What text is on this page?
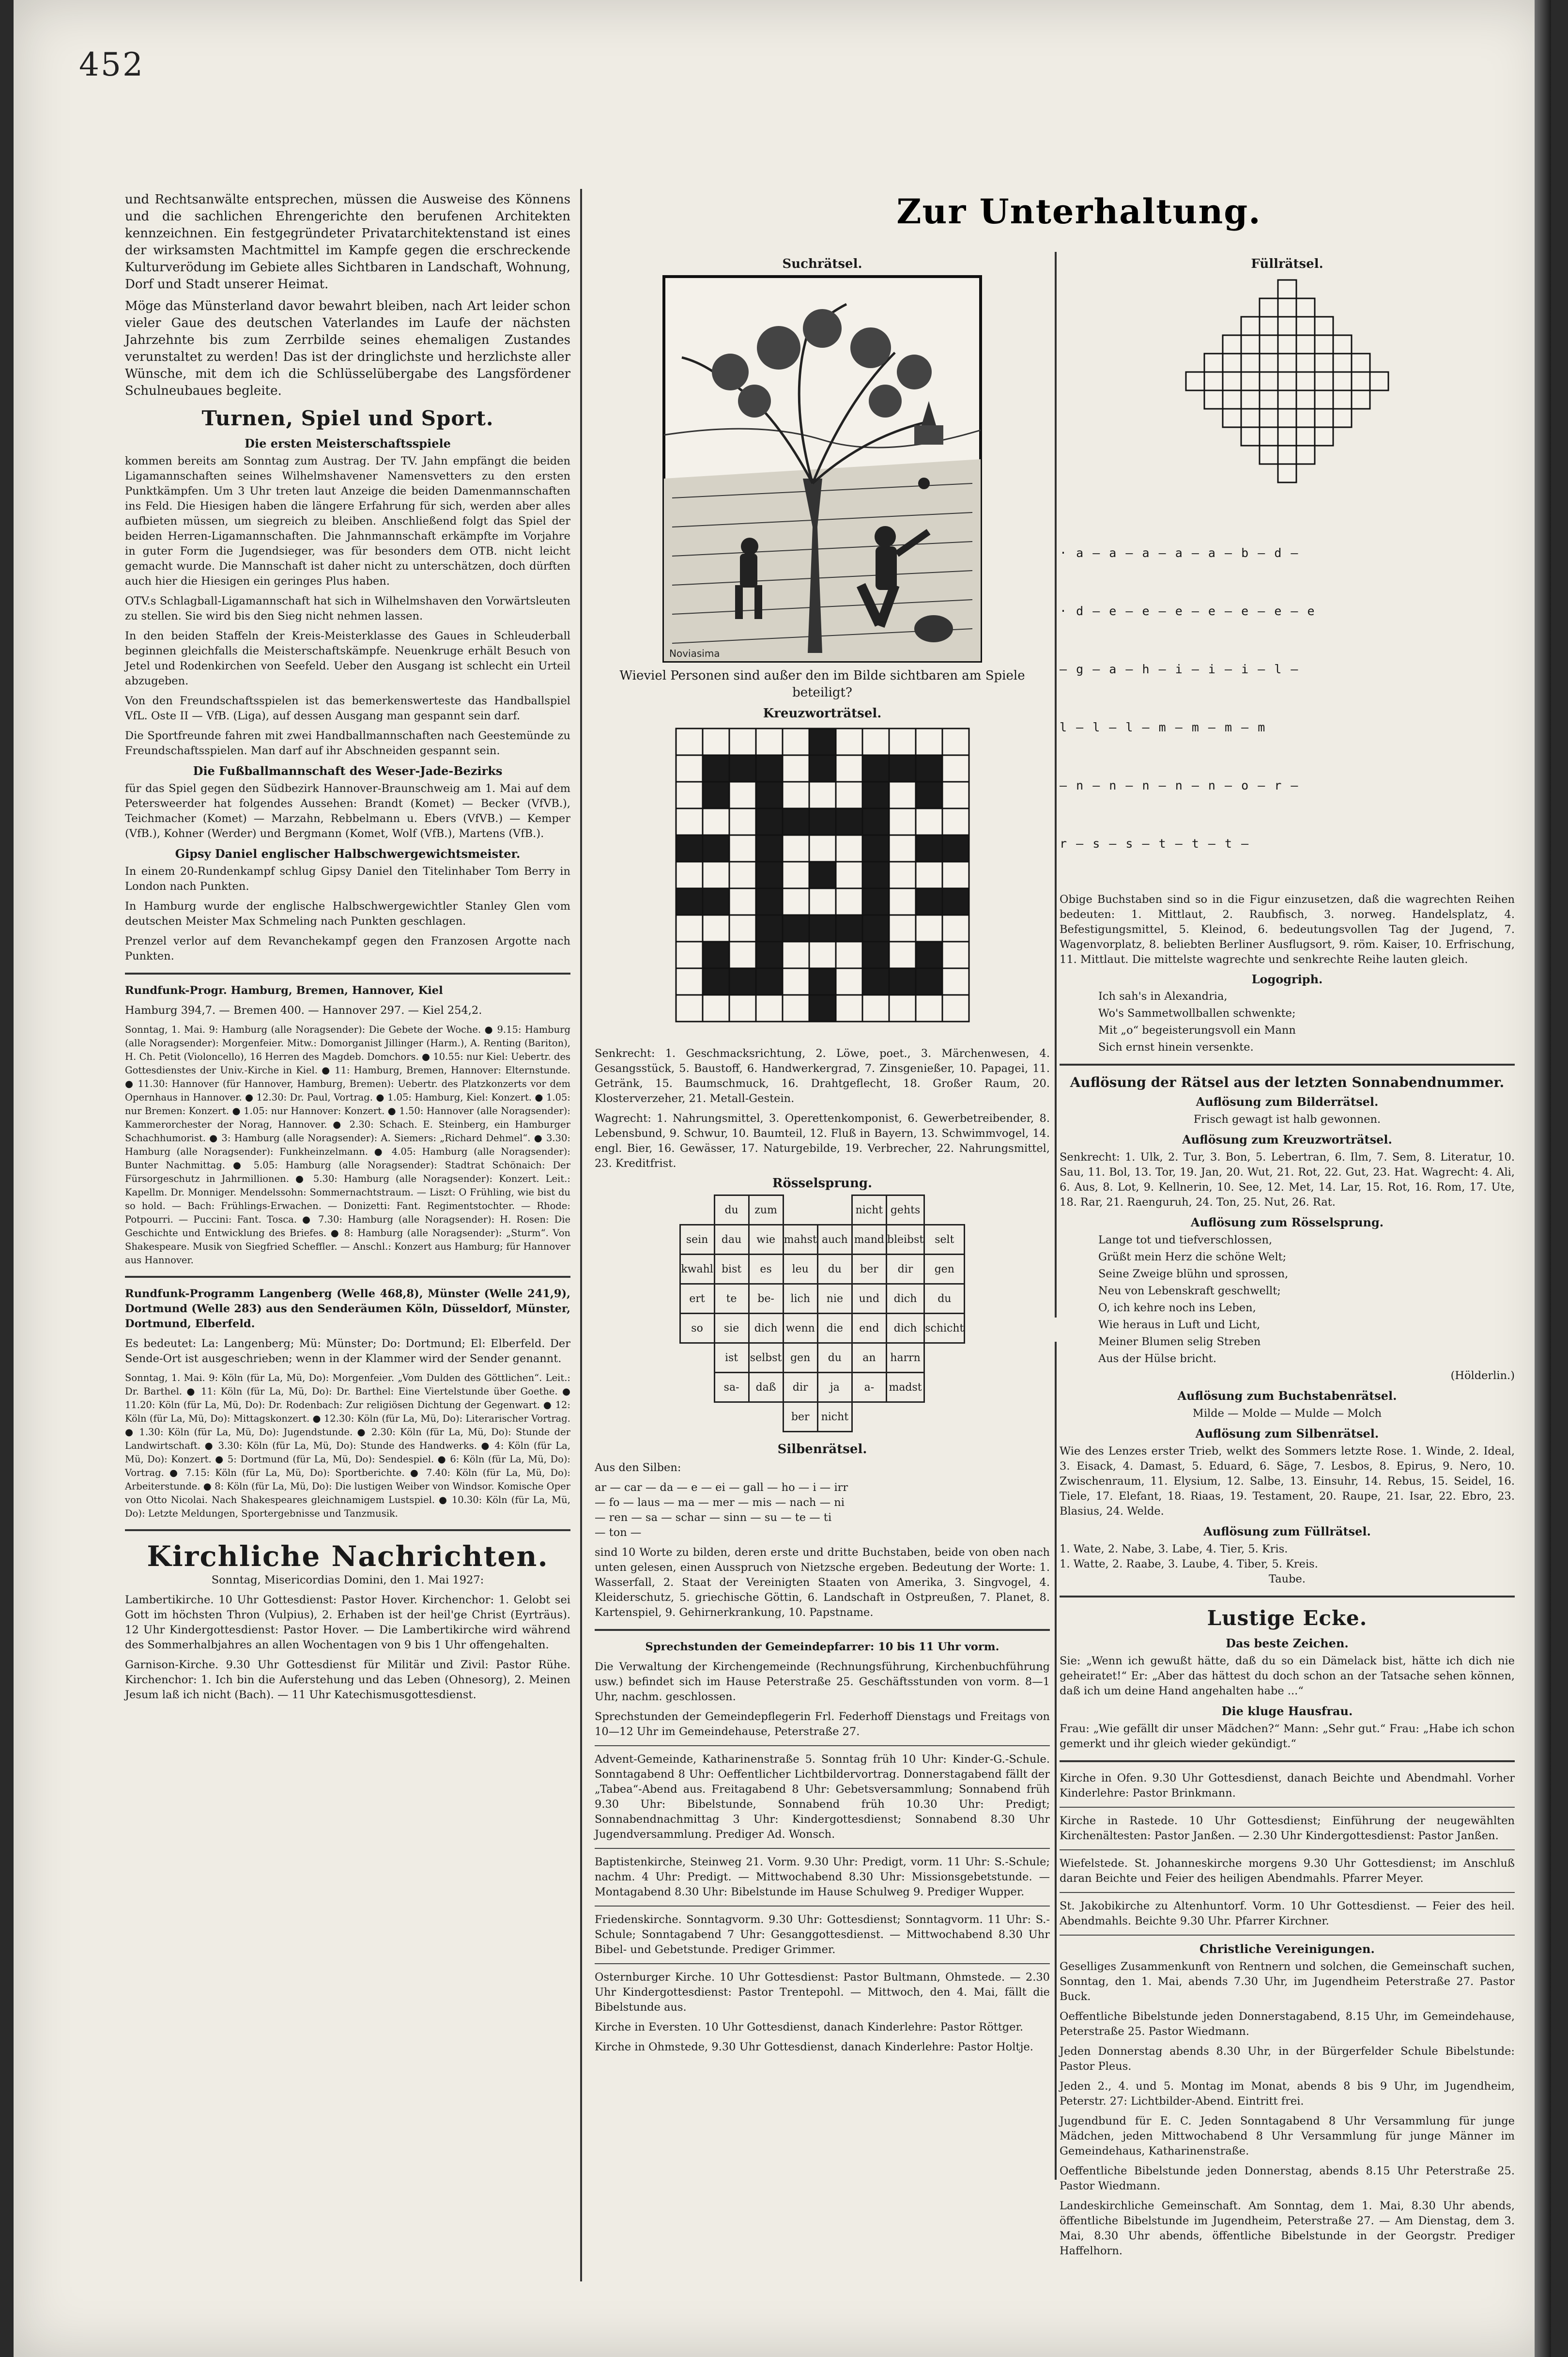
452

und Rechtsanwälte entsprechen, müssen die Ausweise des Könnens und die sachlichen Ehrengerichte den berufenen Architekten kennzeichnen. Ein festgegründeter Privatarchitektenstand ist eines der wirksamsten Machtmittel im Kampfe gegen die erschreckende Kulturverödung im Gebiete alles Sichtbaren in Landschaft, Wohnung, Dorf und Stadt unserer Heimat.

Möge das Münsterland davor bewahrt bleiben, nach Art leider schon vieler Gaue des deutschen Vaterlandes im Laufe der nächsten Jahrzehnte bis zum Zerrbilde seines ehemaligen Zustandes verunstaltet zu werden! Das ist der dringlichste und herzlichste aller Wünsche, mit dem ich die Schlüsselübergabe des Langsfördener Schulneubaues begleite.

Turnen, Spiel und Sport.
Die ersten Meisterschaftsspiele

kommen bereits am Sonntag zum Austrag. Der TV. Jahn empfängt die beiden Ligamannschaften seines Wilhelmshavener Namensvetters zu den ersten Punktkämpfen. Um 3 Uhr treten laut Anzeige die beiden Damenmannschaften ins Feld. Die Hiesigen haben die längere Erfahrung für sich, werden aber alles aufbieten müssen, um siegreich zu bleiben. Anschließend folgt das Spiel der beiden Herren-Ligamannschaften. Die Jahnmannschaft erkämpfte im Vorjahre in guter Form die Jugendsieger, was für besonders dem OTB. nicht leicht gemacht wurde. Die Mannschaft ist daher nicht zu unterschätzen, doch dürften auch hier die Hiesigen ein geringes Plus haben.

OTV.s Schlagball-Ligamannschaft hat sich in Wilhelmshaven den Vorwärtsleuten zu stellen. Sie wird bis den Sieg nicht nehmen lassen.

In den beiden Staffeln der Kreis-Meisterklasse des Gaues in Schleuderball beginnen gleichfalls die Meisterschaftskämpfe. Neuenkruge erhält Besuch von Jetel und Rodenkirchen von Seefeld. Ueber den Ausgang ist schlecht ein Urteil abzugeben.

Von den Freundschaftsspielen ist das bemerkenswerteste das Handballspiel VfL. Oste II — VfB. (Liga), auf dessen Ausgang man gespannt sein darf.

Die Sportfreunde fahren mit zwei Handballmannschaften nach Geestemünde zu Freundschaftsspielen. Man darf auf ihr Abschneiden gespannt sein.

Die Fußballmannschaft des Weser-Jade-Bezirks

für das Spiel gegen den Südbezirk Hannover-Braunschweig am 1. Mai auf dem Petersweerder hat folgendes Aussehen: Brandt (Komet) — Becker (VfVB.), Teichmacher (Komet) — Marzahn, Rebbelmann u. Ebers (VfVB.) — Kemper (VfB.), Kohner (Werder) und Bergmann (Komet, Wolf (VfB.), Martens (VfB.).

Gipsy Daniel englischer Halbschwergewichtsmeister.

In einem 20-Rundenkampf schlug Gipsy Daniel den Titelinhaber Tom Berry in London nach Punkten.

In Hamburg wurde der englische Halbschwergewichtler Stanley Glen vom deutschen Meister Max Schmeling nach Punkten geschlagen.

Prenzel verlor auf dem Revanchekampf gegen den Franzosen Argotte nach Punkten.

Rundfunk-Progr. Hamburg, Bremen, Hannover, Kiel

Hamburg 394,7. — Bremen 400. — Hannover 297. — Kiel 254,2.

Sonntag, 1. Mai. 9: Hamburg (alle Noragsender): Die Gebete der Woche. ● 9.15: Hamburg (alle Noragsender): Morgenfeier. Mitw.: Domorganist Jillinger (Harm.), A. Renting (Bariton), H. Ch. Petit (Violoncello), 16 Herren des Magdeb. Domchors. ● 10.55: nur Kiel: Uebertr. des Gottesdienstes der Univ.-Kirche in Kiel. ● 11: Hamburg, Bremen, Hannover: Elternstunde. ● 11.30: Hannover (für Hannover, Hamburg, Bremen): Uebertr. des Platzkonzerts vor dem Opernhaus in Hannover. ● 12.30: Dr. Paul, Vortrag. ● 1.05: Hamburg, Kiel: Konzert. ● 1.05: nur Bremen: Konzert. ● 1.05: nur Hannover: Konzert. ● 1.50: Hannover (alle Noragsender): Kammerorchester der Norag, Hannover. ● 2.30: Schach. E. Steinberg, ein Hamburger Schachhumorist. ● 3: Hamburg (alle Noragsender): A. Siemers: „Richard Dehmel“. ● 3.30: Hamburg (alle Noragsender): Funkheinzelmann. ● 4.05: Hamburg (alle Noragsender): Bunter Nachmittag. ● 5.05: Hamburg (alle Noragsender): Stadtrat Schönaich: Der Fürsorgeschutz in Jahrmillionen. ● 5.30: Hamburg (alle Noragsender): Konzert. Leit.: Kapellm. Dr. Monniger. Mendelssohn: Sommernachtstraum. — Liszt: O Frühling, wie bist du so hold. — Bach: Frühlings-Erwachen. — Donizetti: Fant. Regimentstochter. — Rhode: Potpourri. — Puccini: Fant. Tosca. ● 7.30: Hamburg (alle Noragsender): H. Rosen: Die Geschichte und Entwicklung des Briefes. ● 8: Hamburg (alle Noragsender): „Sturm“. Von Shakespeare. Musik von Siegfried Scheffler. — Anschl.: Konzert aus Hamburg; für Hannover aus Hannover.

Rundfunk-Programm Langenberg (Welle 468,8), Münster (Welle 241,9), Dortmund (Welle 283) aus den Senderäumen Köln, Düsseldorf, Münster, Dortmund, Elberfeld.

Es bedeutet: La: Langenberg; Mü: Münster; Do: Dortmund; El: Elberfeld. Der Sende-Ort ist ausgeschrieben; wenn in der Klammer wird der Sender genannt.

Sonntag, 1. Mai. 9: Köln (für La, Mü, Do): Morgenfeier. „Vom Dulden des Göttlichen“. Leit.: Dr. Barthel. ● 11: Köln (für La, Mü, Do): Dr. Barthel: Eine Viertelstunde über Goethe. ● 11.20: Köln (für La, Mü, Do): Dr. Rodenbach: Zur religiösen Dichtung der Gegenwart. ● 12: Köln (für La, Mü, Do): Mittagskonzert. ● 12.30: Köln (für La, Mü, Do): Literarischer Vortrag. ● 1.30: Köln (für La, Mü, Do): Jugendstunde. ● 2.30: Köln (für La, Mü, Do): Stunde der Landwirtschaft. ● 3.30: Köln (für La, Mü, Do): Stunde des Handwerks. ● 4: Köln (für La, Mü, Do): Konzert. ● 5: Dortmund (für La, Mü, Do): Sendespiel. ● 6: Köln (für La, Mü, Do): Vortrag. ● 7.15: Köln (für La, Mü, Do): Sportberichte. ● 7.40: Köln (für La, Mü, Do): Arbeiterstunde. ● 8: Köln (für La, Mü, Do): Die lustigen Weiber von Windsor. Komische Oper von Otto Nicolai. Nach Shakespeares gleichnamigem Lustspiel. ● 10.30: Köln (für La, Mü, Do): Letzte Meldungen, Sportergebnisse und Tanzmusik.

Kirchliche Nachrichten.

Sonntag, Misericordias Domini, den 1. Mai 1927:

Lambertikirche. 10 Uhr Gottesdienst: Pastor Hover. Kirchenchor: 1. Gelobt sei Gott im höchsten Thron (Vulpius), 2. Erhaben ist der heil'ge Christ (Eyrträus). 12 Uhr Kindergottesdienst: Pastor Hover. — Die Lambertikirche wird während des Sommerhalbjahres an allen Wochentagen von 9 bis 1 Uhr offengehalten.

Garnison-Kirche. 9.30 Uhr Gottesdienst für Militär und Zivil: Pastor Rühe. Kirchenchor: 1. Ich bin die Auferstehung und das Leben (Ohnesorg), 2. Meinen Jesum laß ich nicht (Bach). — 11 Uhr Katechismusgottesdienst.

Zur Unterhaltung.
Suchrätsel.
Noviasima

Wieviel Personen sind außer den im Bilde sichtbaren am Spiele beteiligt?

Kreuzworträtsel.

Senkrecht: 1. Geschmacksrichtung, 2. Löwe, poet., 3. Märchenwesen, 4. Gesangsstück, 5. Baustoff, 6. Handwerkergrad, 7. Zinsgenießer, 10. Papagei, 11. Getränk, 15. Baumschmuck, 16. Drahtgeflecht, 18. Großer Raum, 20. Klosterverzeher, 21. Metall-Gestein.

Wagrecht: 1. Nahrungsmittel, 3. Operettenkomponist, 6. Gewerbetreibender, 8. Lebensbund, 9. Schwur, 10. Baumteil, 12. Fluß in Bayern, 13. Schwimmvogel, 14. engl. Bier, 16. Gewässer, 17. Naturgebilde, 19. Verbrecher, 22. Nahrungsmittel, 23. Kreditfrist.

Rösselsprung.
	du	zum			nicht	gehts	
sein	dau	wie	mahst	auch	mand	bleibst	selt
kwahl	bist	es	leu	du	ber	dir	gen
ert	te	be-	lich	nie	und	dich	du
so	sie	dich	wenn	die	end	dich	schicht
	ist	selbst	gen	du	an	harrn	
	sa-	daß	dir	ja	a-	madst	
			ber	nicht			
Silbenrätsel.

Aus den Silben:

ar — car — da — e — ei — gall — ho — i — irr

— fo — laus — ma — mer — mis — nach — ni

— ren — sa — schar — sinn — su — te — ti

— ton —

sind 10 Worte zu bilden, deren erste und dritte Buchstaben, beide von oben nach unten gelesen, einen Ausspruch von Nietzsche ergeben. Bedeutung der Worte: 1. Wasserfall, 2. Staat der Vereinigten Staaten von Amerika, 3. Singvogel, 4. Kleiderschutz, 5. griechische Göttin, 6. Landschaft in Ostpreußen, 7. Planet, 8. Kartenspiel, 9. Gehirnerkrankung, 10. Papstname.

Sprechstunden der Gemeindepfarrer: 10 bis 11 Uhr vorm.

Die Verwaltung der Kirchengemeinde (Rechnungsführung, Kirchenbuchführung usw.) befindet sich im Hause Peterstraße 25. Geschäftsstunden von vorm. 8—1 Uhr, nachm. geschlossen.

Sprechstunden der Gemeindepflegerin Frl. Federhoff Dienstags und Freitags von 10—12 Uhr im Gemeindehause, Peterstraße 27.

Advent-Gemeinde, Katharinenstraße 5. Sonntag früh 10 Uhr: Kinder-G.-Schule. Sonntagabend 8 Uhr: Oeffentlicher Lichtbildervortrag. Donnerstagabend fällt der „Tabea“-Abend aus. Freitagabend 8 Uhr: Gebetsversammlung; Sonnabend früh 9.30 Uhr: Bibelstunde, Sonnabend früh 10.30 Uhr: Predigt; Sonnabendnachmittag 3 Uhr: Kindergottesdienst; Sonnabend 8.30 Uhr Jugendversammlung. Prediger Ad. Wonsch.

Baptistenkirche, Steinweg 21. Vorm. 9.30 Uhr: Predigt, vorm. 11 Uhr: S.-Schule; nachm. 4 Uhr: Predigt. — Mittwochabend 8.30 Uhr: Missionsgebetstunde. — Montagabend 8.30 Uhr: Bibelstunde im Hause Schulweg 9. Prediger Wupper.

Friedenskirche. Sonntagvorm. 9.30 Uhr: Gottesdienst; Sonntagvorm. 11 Uhr: S.-Schule; Sonntagabend 7 Uhr: Gesanggottesdienst. — Mittwochabend 8.30 Uhr Bibel- und Gebetstunde. Prediger Grimmer.

Osternburger Kirche. 10 Uhr Gottesdienst: Pastor Bultmann, Ohmstede. — 2.30 Uhr Kindergottesdienst: Pastor Trentepohl. — Mittwoch, den 4. Mai, fällt die Bibelstunde aus.

Kirche in Eversten. 10 Uhr Gottesdienst, danach Kinderlehre: Pastor Röttger.

Kirche in Ohmstede, 9.30 Uhr Gottesdienst, danach Kinderlehre: Pastor Holtje.

Füllrätsel.

· a — a — a — a — a — b — d —

· d — e — e — e — e — e — e — e

— g — a — h — i — i — i — l —

l — l — l — m — m — m — m

— n — n — n — n — n — o — r —

r — s — s — t — t — t —

Obige Buchstaben sind so in die Figur einzusetzen, daß die wagrechten Reihen bedeuten: 1. Mittlaut, 2. Raubfisch, 3. norweg. Handelsplatz, 4. Befestigungsmittel, 5. Kleinod, 6. bedeutungsvollen Tag der Jugend, 7. Wagenvorplatz, 8. beliebten Berliner Ausflugsort, 9. röm. Kaiser, 10. Erfrischung, 11. Mittlaut. Die mittelste wagrechte und senkrechte Reihe lauten gleich.

Logogriph.

Ich sah's in Alexandria,

Wo's Sammetwollballen schwenkte;

Mit „o“ begeisterungsvoll ein Mann

Sich ernst hinein versenkte.

Auflösung der Rätsel aus der letzten Sonnabendnummer.
Auflösung zum Bilderrätsel.

Frisch gewagt ist halb gewonnen.

Auflösung zum Kreuzworträtsel.

Senkrecht: 1. Ulk, 2. Tur, 3. Bon, 5. Lebertran, 6. Ilm, 7. Sem, 8. Literatur, 10. Sau, 11. Bol, 13. Tor, 19. Jan, 20. Wut, 21. Rot, 22. Gut, 23. Hat. Wagrecht: 4. Ali, 6. Aus, 8. Lot, 9. Kellnerin, 10. See, 12. Met, 14. Lar, 15. Rot, 16. Rom, 17. Ute, 18. Rar, 21. Raenguruh, 24. Ton, 25. Nut, 26. Rat.

Auflösung zum Rösselsprung.

Lange tot und tiefverschlossen,

Grüßt mein Herz die schöne Welt;

Seine Zweige blühn und sprossen,

Neu von Lebenskraft geschwellt;

O, ich kehre noch ins Leben,

Wie heraus in Luft und Licht,

Meiner Blumen selig Streben

Aus der Hülse bricht.

(Hölderlin.)

Auflösung zum Buchstabenrätsel.

Milde — Molde — Mulde — Molch

Auflösung zum Silbenrätsel.

Wie des Lenzes erster Trieb, welkt des Sommers letzte Rose. 1. Winde, 2. Ideal, 3. Eisack, 4. Damast, 5. Eduard, 6. Säge, 7. Lesbos, 8. Epirus, 9. Nero, 10. Zwischenraum, 11. Elysium, 12. Salbe, 13. Einsuhr, 14. Rebus, 15. Seidel, 16. Tiele, 17. Elefant, 18. Riaas, 19. Testament, 20. Raupe, 21. Isar, 22. Ebro, 23. Blasius, 24. Welde.

Auflösung zum Füllrätsel.

1. Wate, 2. Nabe, 3. Labe, 4. Tier, 5. Kris.

1. Watte, 2. Raabe, 3. Laube, 4. Tiber, 5. Kreis.

Taube.

Lustige Ecke.
Das beste Zeichen.

Sie: „Wenn ich gewußt hätte, daß du so ein Dämelack bist, hätte ich dich nie geheiratet!“ Er: „Aber das hättest du doch schon an der Tatsache sehen können, daß ich um deine Hand angehalten habe ...“

Die kluge Hausfrau.

Frau: „Wie gefällt dir unser Mädchen?“ Mann: „Sehr gut.“ Frau: „Habe ich schon gemerkt und ihr gleich wieder gekündigt.“

Kirche in Ofen. 9.30 Uhr Gottesdienst, danach Beichte und Abendmahl. Vorher Kinderlehre: Pastor Brinkmann.

Kirche in Rastede. 10 Uhr Gottesdienst; Einführung der neugewählten Kirchenältesten: Pastor Janßen. — 2.30 Uhr Kindergottesdienst: Pastor Janßen.

Wiefelstede. St. Johanneskirche morgens 9.30 Uhr Gottesdienst; im Anschluß daran Beichte und Feier des heiligen Abendmahls. Pfarrer Meyer.

St. Jakobikirche zu Altenhuntorf. Vorm. 10 Uhr Gottesdienst. — Feier des heil. Abendmahls. Beichte 9.30 Uhr. Pfarrer Kirchner.

Christliche Vereinigungen.

Geselliges Zusammenkunft von Rentnern und solchen, die Gemeinschaft suchen, Sonntag, den 1. Mai, abends 7.30 Uhr, im Jugendheim Peterstraße 27. Pastor Buck.

Oeffentliche Bibelstunde jeden Donnerstagabend, 8.15 Uhr, im Gemeindehause, Peterstraße 25. Pastor Wiedmann.

Jeden Donnerstag abends 8.30 Uhr, in der Bürgerfelder Schule Bibelstunde: Pastor Pleus.

Jeden 2., 4. und 5. Montag im Monat, abends 8 bis 9 Uhr, im Jugendheim, Peterstr. 27: Lichtbilder-Abend. Eintritt frei.

Jugendbund für E. C. Jeden Sonntagabend 8 Uhr Versammlung für junge Mädchen, jeden Mittwochabend 8 Uhr Versammlung für junge Männer im Gemeindehaus, Katharinenstraße.

Oeffentliche Bibelstunde jeden Donnerstag, abends 8.15 Uhr Peterstraße 25. Pastor Wiedmann.

Landeskirchliche Gemeinschaft. Am Sonntag, dem 1. Mai, 8.30 Uhr abends, öffentliche Bibelstunde im Jugendheim, Peterstraße 27. — Am Dienstag, dem 3. Mai, 8.30 Uhr abends, öffentliche Bibelstunde in der Georgstr. Prediger Haffelhorn.
